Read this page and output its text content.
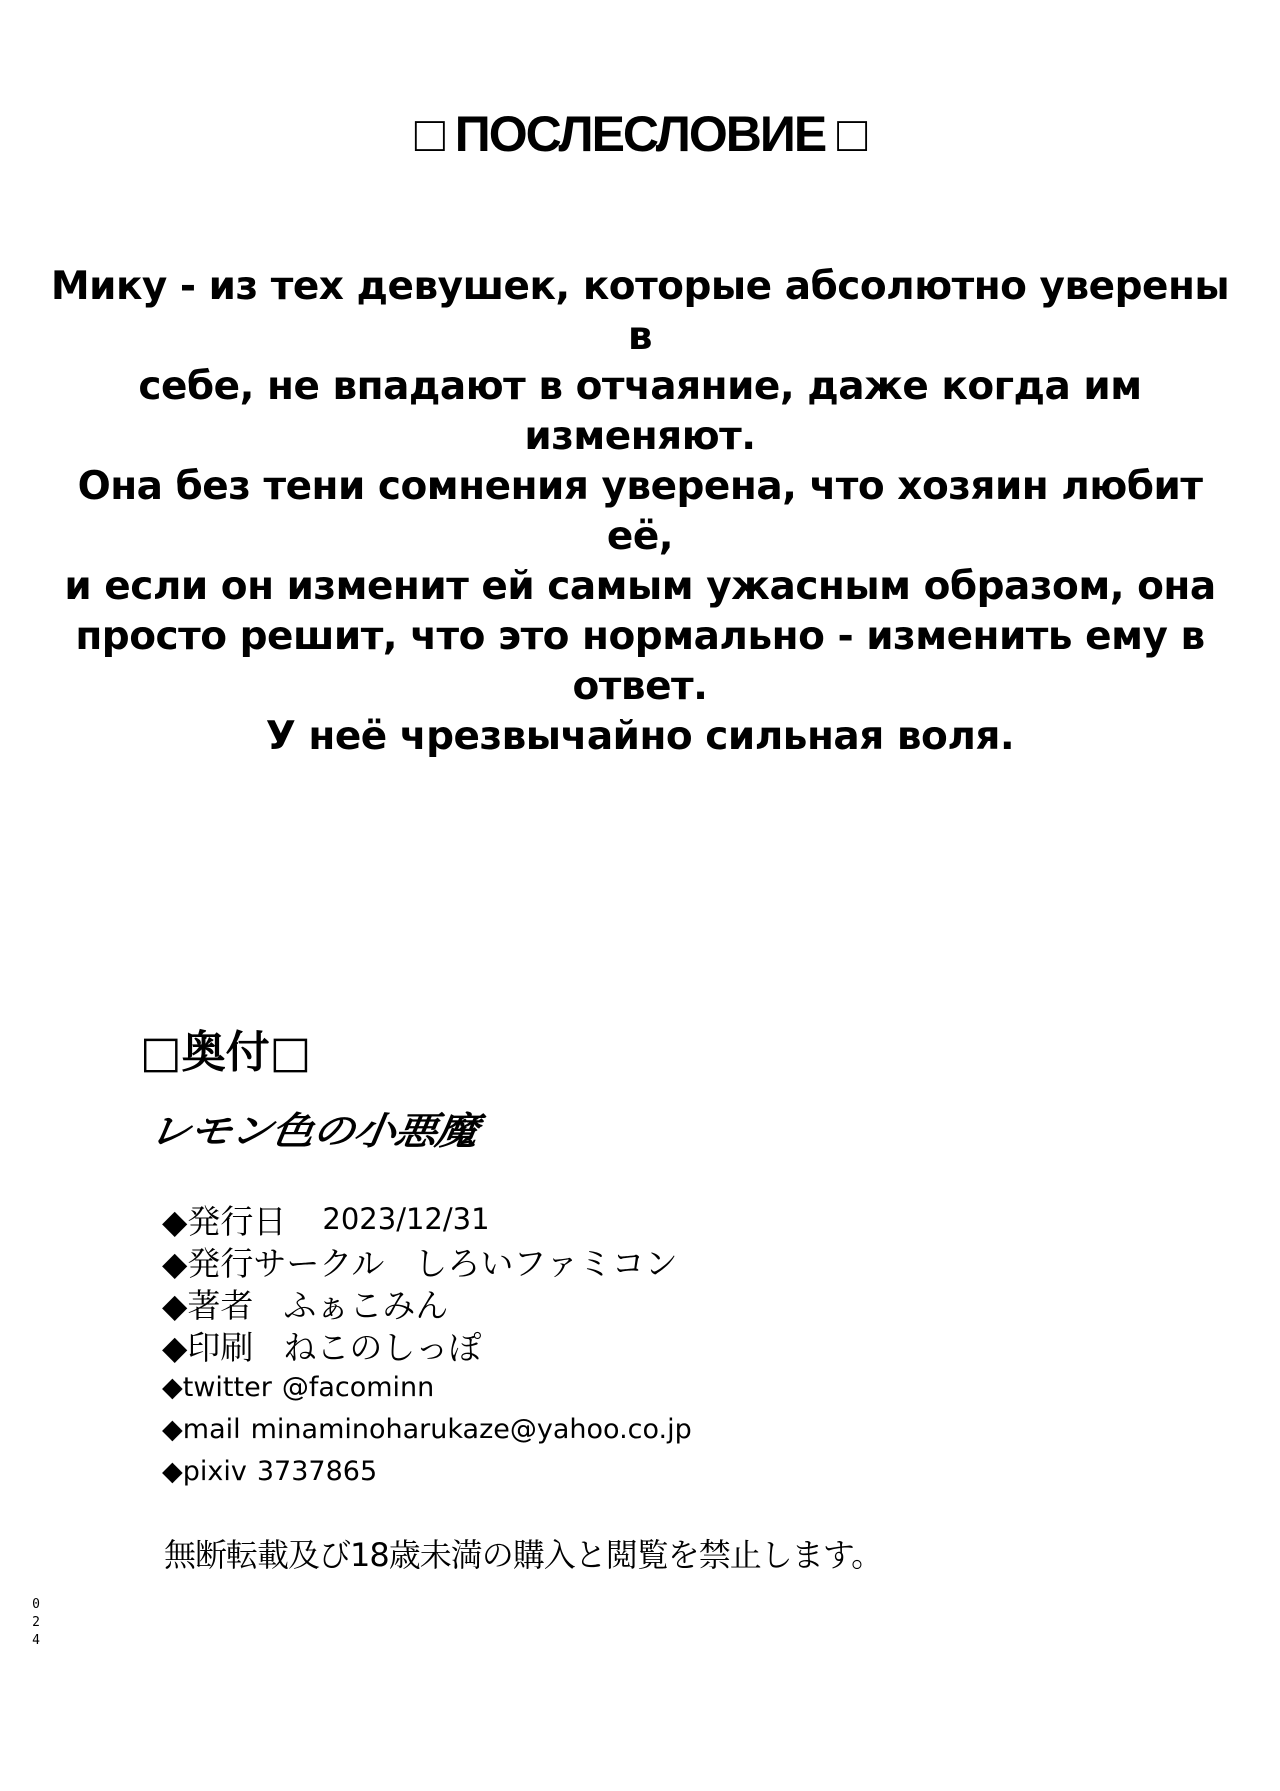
□ ПОСЛЕСЛОВИЕ □

Мику - из тех девушек, которые абсолютно уверены в

себе, не впадают в отчаяние, даже когда им изменяют.

Она без тени сомнения уверена, что хозяин любит её,

и если он изменит ей самым ужасным образом, она

просто решит, что это нормально - изменить ему в

ответ.

У неё чрезвычайно сильная воля.

□奥付□
レモン色の小悪魔
◆発行日 2023/12/31
◆発行サークル しろいファミコン
◆著者 ふぁこみん
◆印刷 ねこのしっぽ
◆twitter @facominn
◆mail minaminoharukaze@yahoo.co.jp
◆pixiv 3737865
無断転載及び18歳未満の購入と閲覧を禁止します。
0
2
4
